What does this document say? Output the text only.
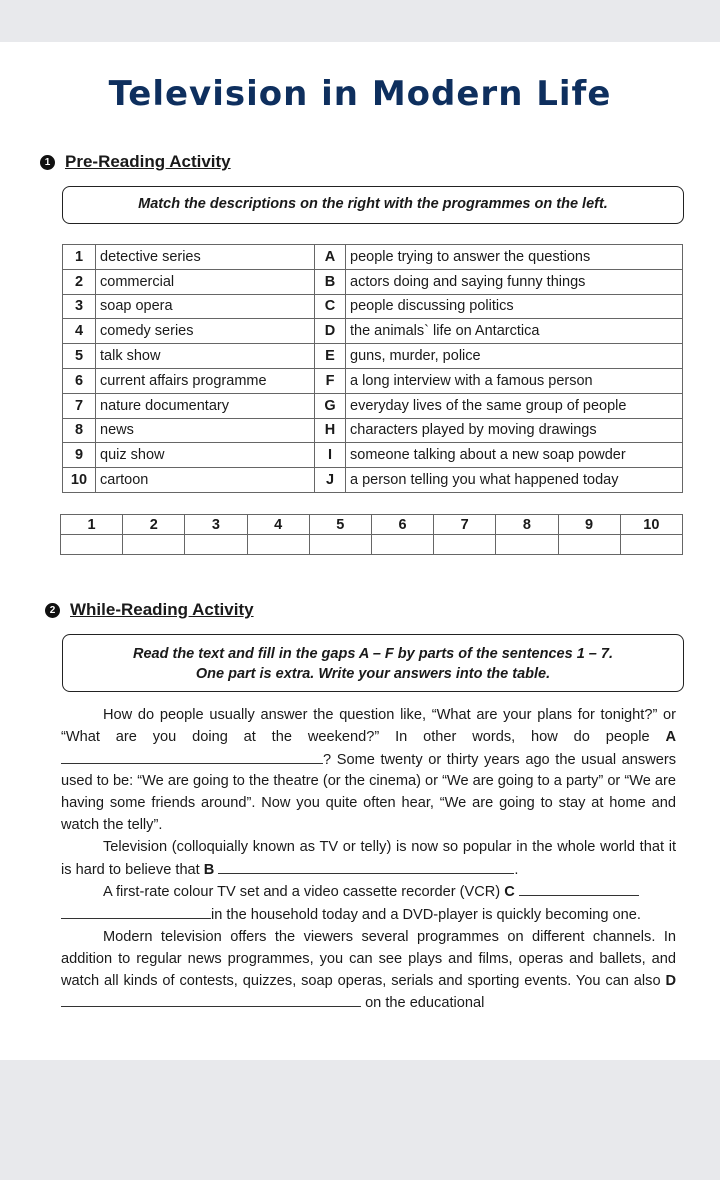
Television in Modern Life
1 Pre-Reading Activity
Match the descriptions on the right with the programmes on the left.
1	detective series	A	people trying to answer the questions
2	commercial	B	actors doing and saying funny things
3	soap opera	C	people discussing politics
4	comedy series	D	the animals` life on Antarctica
5	talk show	E	guns, murder, police
6	current affairs programme	F	a long interview with a famous person
7	nature documentary	G	everyday lives of the same group of people
8	news	H	characters played by moving drawings
9	quiz show	I	someone talking about a new soap powder
10	cartoon	J	a person telling you what happened today
1	2	3	4	5	6	7	8	9	10

2 While-Reading Activity
Read the text and fill in the gaps A – F by parts of the sentences 1 – 7.
One part is extra. Write your answers into the table.

How do people usually answer the question like, “What are your plans for tonight?” or “What are you doing at the weekend?” In other words, how do people A? Some twenty or thirty years ago the usual answers used to be: “We are going to the theatre (or the cinema) or “We are going to a party” or “We are having some friends around”. Now you quite often hear, “We are going to stay at home and watch the telly”.

Television (colloquially known as TV or telly) is now so popular in the whole world that it is hard to believe that B	.

A first-rate colour TV set and a video cassette recorder (VCR) C
in the household today and a DVD-player is quickly becoming one.

Modern television offers the viewers several programmes on different channels. In addition to regular news programmes, you can see plays and films, operas and ballets, and watch all kinds of contests, quizzes, soap operas, serials and sporting events. You can also D  on the educational
